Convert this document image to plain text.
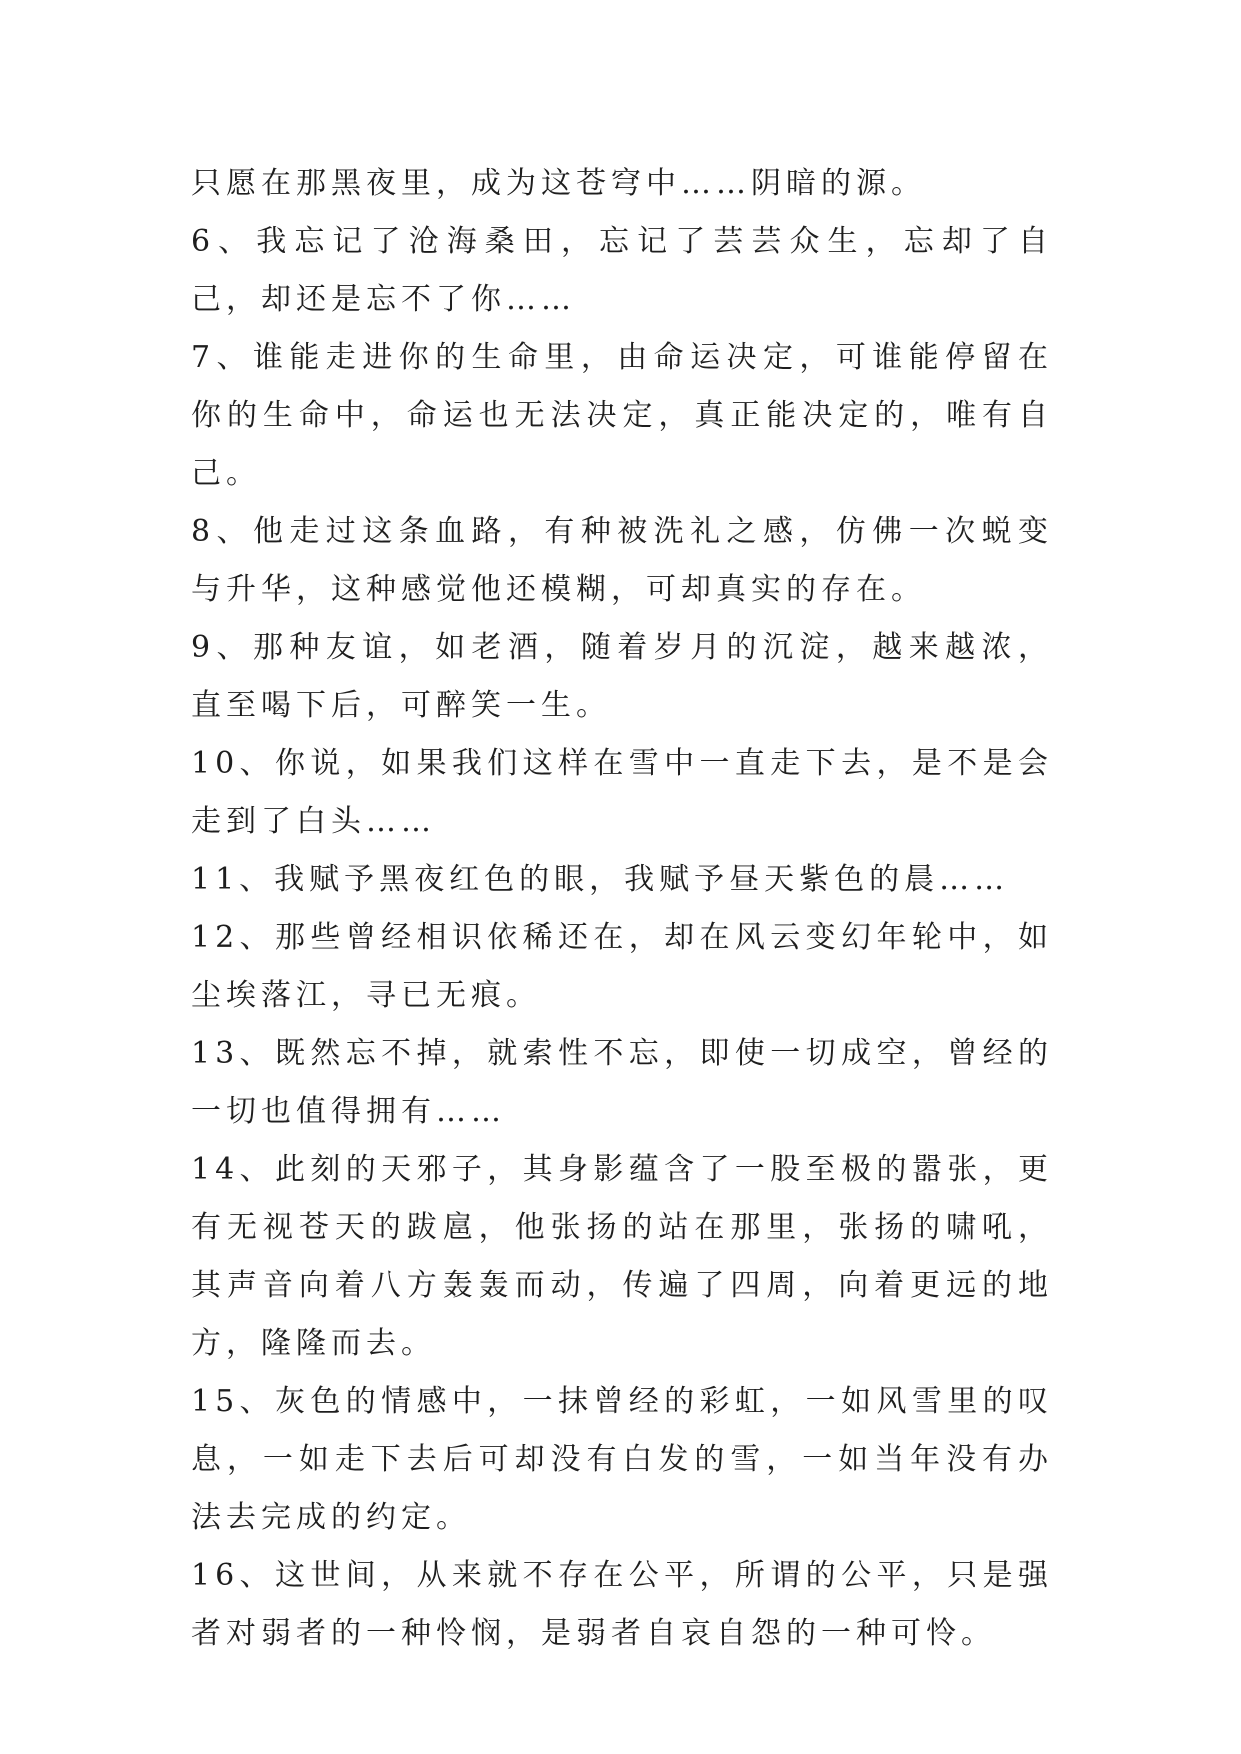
只愿在那黑夜里，成为这苍穹中……阴暗的源。

6、我忘记了沧海桑田，忘记了芸芸众生，忘却了自己，却还是忘不了你……

7、谁能走进你的生命里，由命运决定，可谁能停留在你的生命中，命运也无法决定，真正能决定的，唯有自己。

8、他走过这条血路，有种被洗礼之感，仿佛一次蜕变与升华，这种感觉他还模糊，可却真实的存在。

9、那种友谊，如老酒，随着岁月的沉淀，越来越浓，直至喝下后，可醉笑一生。

10、你说，如果我们这样在雪中一直走下去，是不是会走到了白头……

11、我赋予黑夜红色的眼，我赋予昼天紫色的晨……

12、那些曾经相识依稀还在，却在风云变幻年轮中，如尘埃落江，寻已无痕。

13、既然忘不掉，就索性不忘，即使一切成空，曾经的一切也值得拥有……

14、此刻的天邪子，其身影蕴含了一股至极的嚣张，更有无视苍天的跋扈，他张扬的站在那里，张扬的啸吼，其声音向着八方轰轰而动，传遍了四周，向着更远的地方，隆隆而去。

15、灰色的情感中，一抹曾经的彩虹，一如风雪里的叹息，一如走下去后可却没有白发的雪，一如当年没有办法去完成的约定。

16、这世间，从来就不存在公平，所谓的公平，只是强者对弱者的一种怜悯，是弱者自哀自怨的一种可怜。
